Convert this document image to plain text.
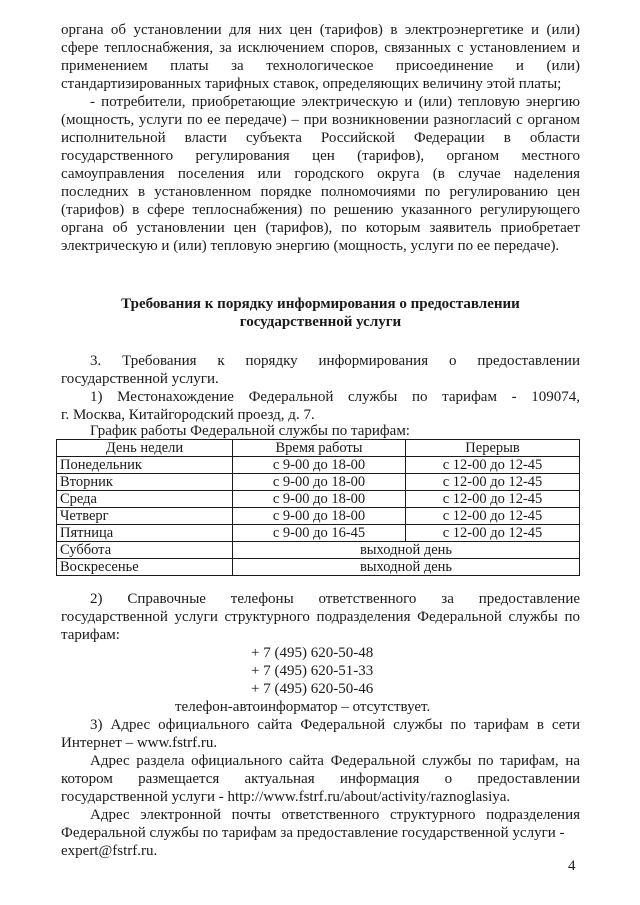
органа об установлении для них цен (тарифов) в электроэнергетике и (или)
сфере теплоснабжения, за исключением споров, связанных с установлением и
применением платы за технологическое присоединение и (или)
стандартизированных тарифных ставок, определяющих величину этой платы;
- потребители, приобретающие электрическую и (или) тепловую энергию
(мощность, услуги по ее передаче) – при возникновении разногласий с органом
исполнительной власти субъекта Российской Федерации в области
государственного регулирования цен (тарифов), органом местного
самоуправления поселения или городского округа (в случае наделения
последних в установленном порядке полномочиями по регулированию цен
(тарифов) в сфере теплоснабжения) по решению указанного регулирующего
органа об установлении цен (тарифов), по которым заявитель приобретает
электрическую и (или) тепловую энергию (мощность, услуги по ее передаче).
Требования к порядку информирования о предоставлении
государственной услуги
3. Требования к порядку информирования о предоставлении
государственной услуги.
1) Местонахождение Федеральной службы по тарифам - 109074,
г. Москва, Китайгородский проезд, д. 7.
График работы Федеральной службы по тарифам:
День недели	Время работы	Перерыв
Понедельник	с 9-00 до 18-00	с 12-00 до 12-45
Вторник	с 9-00 до 18-00	с 12-00 до 12-45
Среда	с 9-00 до 18-00	с 12-00 до 12-45
Четверг	с 9-00 до 18-00	с 12-00 до 12-45
Пятница	с 9-00 до 16-45	с 12-00 до 12-45
Суббота	выходной день	
Воскресенье	выходной день	
2) Справочные телефоны ответственного за предоставление
государственной услуги структурного подразделения Федеральной службы по
тарифам:
+ 7 (495) 620-50-48
+ 7 (495) 620-51-33
+ 7 (495) 620-50-46
телефон-автоинформатор – отсутствует.
3) Адрес официального сайта Федеральной службы по тарифам в сети
Интернет – www.fstrf.ru.
Адрес раздела официального сайта Федеральной службы по тарифам, на
котором размещается актуальная информация о предоставлении
государственной услуги - http://www.fstrf.ru/about/activity/raznoglasiya.
Адрес электронной почты ответственного структурного подразделения
Федеральной службы по тарифам за предоставление государственной услуги -
expert@fstrf.ru.
4
